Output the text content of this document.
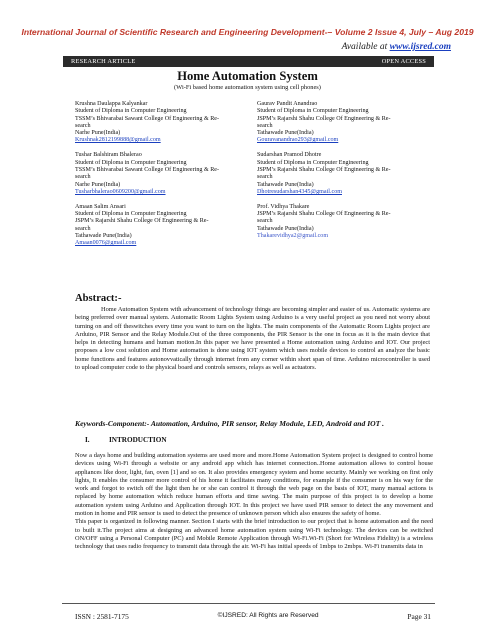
International Journal of Scientific Research and Engineering Development-– Volume 2 Issue 4, July – Aug 2019
Available at www.ijsred.com
RESEARCH ARTICLE	OPEN ACCESS
Home Automation System
(Wi-Fi based home automation system using cell phones)
Krushna Daulappa Kalyankar
Student of Diploma in Computer Engineering
TSSM’s Bhivarabai Sawant College Of Engineering & Re-
search
Narhe Pune(India)
Krushnak2812199888@gmail.com
Tushar Balshiram Bhalerao
Student of Diploma in Computer Engineering
TSSM’s Bhivarabai Sawant College Of Engineering & Re-
search
Narhe Pune(India)
Tusharbhalerao0609200@gmail.com
Amaan Salim Ansari
Student of Diploma in Computer Engineering
JSPM’s Rajarshi Shahu College Of Engineering & Re-
search
Tathawade Pune(India)
Amaan0076@gmail.com
Gaurav Pandit Anandrao
Student of Diploma in Computer Engineering
JSPM’s Rajarshi Shahu College Of Engineering & Re-
search
Tathawade Pune(India)
Gouravanandrao293@gmail.com
Sudarshan Pramod Dhotre
Student of Diploma in Computer Engineering
JSPM’s Rajarshi Shahu College Of Engineering & Re-
search
Tathawade Pune(India)
Dhotresudarshan4345@gmail.com
Prof. Vidhya Thakare
JSPM’s Rajarshi Shahu College Of Engineering & Re-
search
Tathawade Pune(India)
Thakarevidhya2@gmail.com
Abstract:-
Home Automation System with advancement of technology things are becoming simpler and easier of us. Automatic systems are being preferred over manual system. Automatic Room Lights System using Arduino is a very useful project as you need not worry about turning on and off theswitches every time you want to turn on the lights. The main components of the Automatic Room Lights project are Arduino, PIR Sensor and the Relay Module.Out of the three components, the PIR Sensor is the one in focus as it is the main device that helps in detecting humans and human motion.In this paper we have presented a Home automation using Arduino and IOT. Our project proposes a low cost solution and Home automation is done using IOT system which uses mobile devices to control an analyze the basic home functions and features autonovvatically through internet from any corner within short span of time. Arduino microcontroller is used to upload computer code to the physical board and controls sensors, relays as well as actuators.
Keywords-Component:- Automation, Arduino, PIR sensor, Relay Module, LED, Android and IOT .
I.	INTRODUCTION

Now a days home and building automation systems are used more and more.Home Automation System project is designed to control home devices using Wi-Fi through a website or any android app which has internet connection..Home automation allows to control house appliances like door, light, fan, oven [1] and so on. It also provides emergency system and home security. Mainly we working on first only lights, It enables the consumer more control of his home it facilitates many conditions, for example if the consumer is on his way for the work and forgot to switch off the light then he or she can control it through the web page on the basis of IOT, many manual actions is replaced by home automation which reduce human efforts and time saving. The main purpose of this project is to develop a home automation system using Arduino and Application through IOT. In this project we have used PIR sensor to detect the any movement and motion in home and PIR sensor is used to detect the presence of unknown person which also ensures the safety of home.

This paper is organized in following manner. Section I starts with the brief introduction to our project that is home automation and the need to built it.The project aims at designing an advanced home automation system using Wi-Fi technology. The devices can be switched ON/OFF using a Personal Computer (PC) and Mobile Remote Application through Wi-Fi.Wi-Fi (Short for Wireless Fidelity) is a wireless technology that uses radio frequency to transmit data through the air. Wi-Fi has initial speeds of 1mbps to 2mbps. Wi-Fi transmits data in

ISSN : 2581-7175	©IJSRED: All Rights are Reserved	Page 31
